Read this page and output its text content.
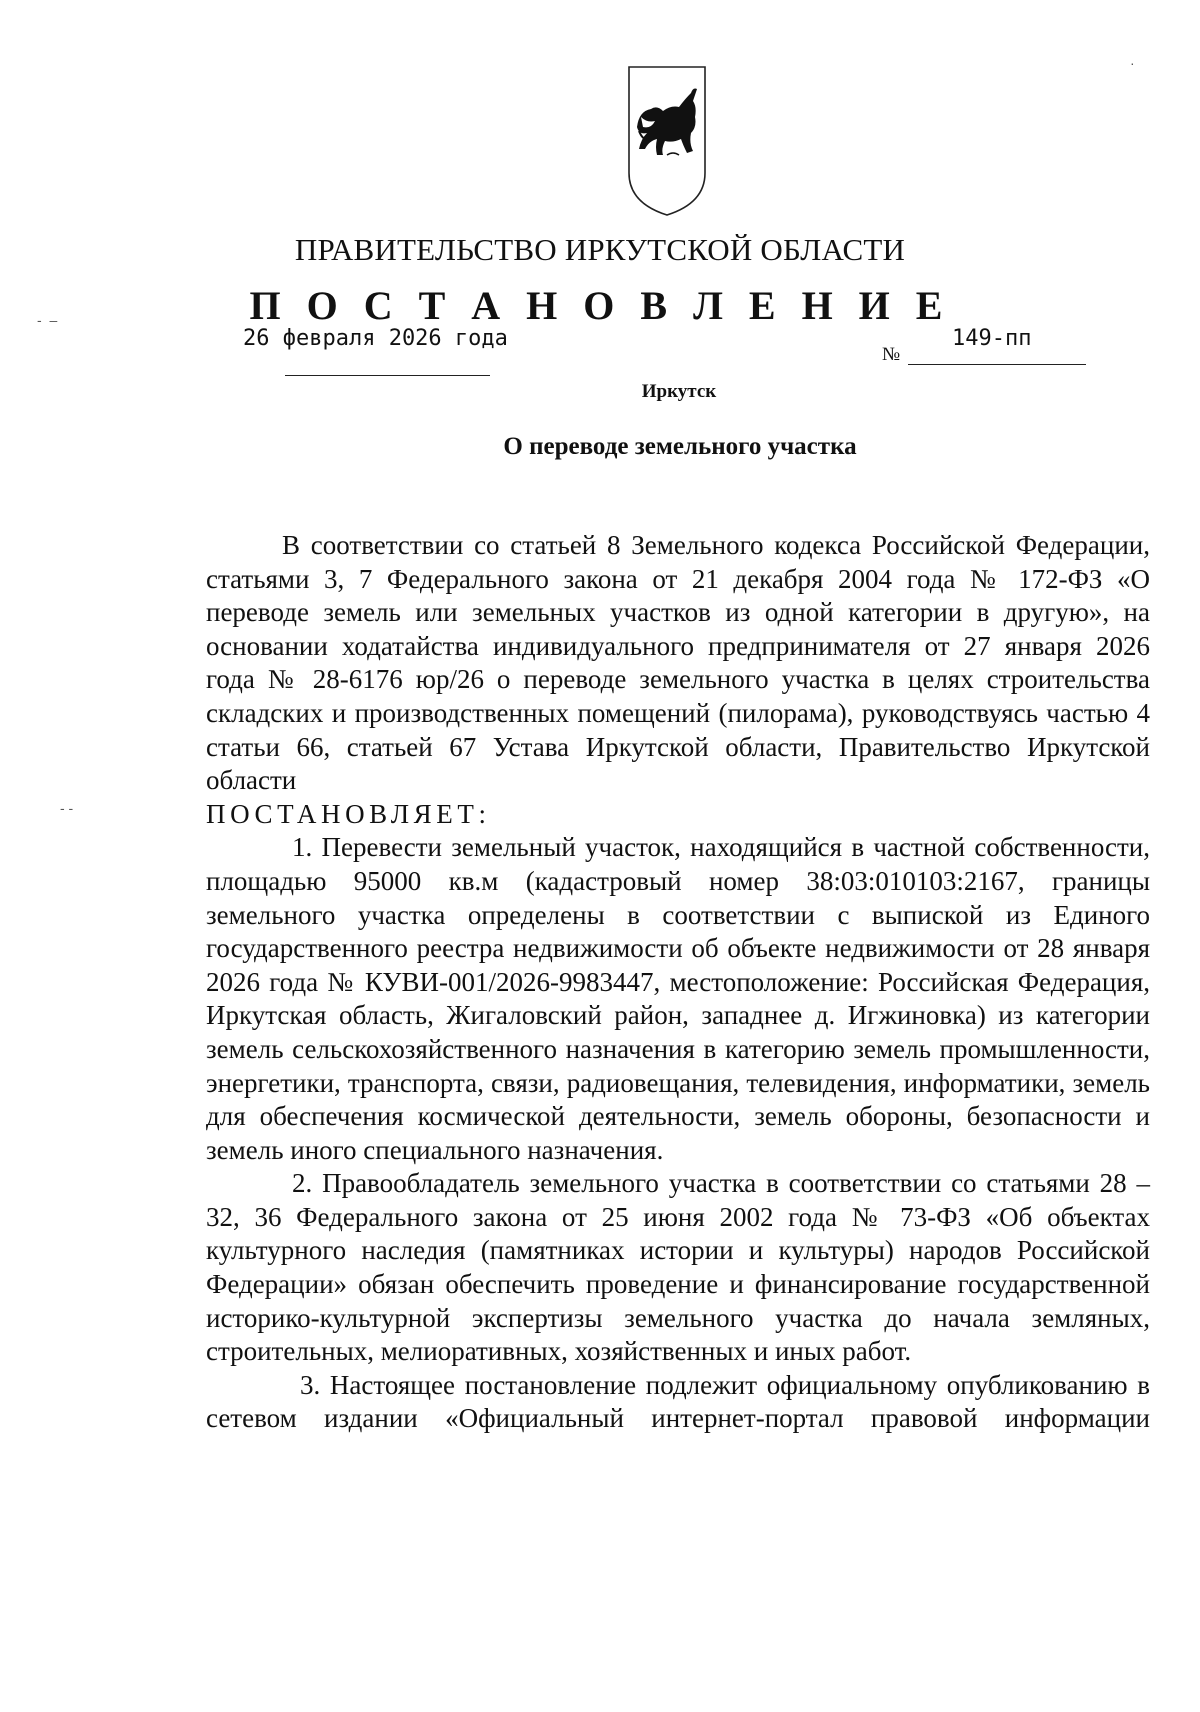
ПРАВИТЕЛЬСТВО ИРКУТСКОЙ ОБЛАСТИ
П О С Т А Н О В Л Е Н И Е
26 февраля 2026 года
№
149-пп
Иркутск
О переводе земельного участка

В соответствии со статьей 8 Земельного кодекса Российской Федерации, статьями 3, 7 Федерального закона от 21 декабря 2004 года № 172-ФЗ «О переводе земель или земельных участков из одной категории в другую», на основании ходатайства индивидуального предпринимателя от 27 января 2026 года № 28-6176 юр/26 о переводе земельного участка в целях строительства складских и производственных помещений (пилорама), руководствуясь частью 4 статьи 66, статьей 67 Устава Иркутской области, Правительство Иркутской области

ПОСТАНОВЛЯЕТ:

1. Перевести земельный участок, находящийся в частной собственности, площадью 95000 кв.м (кадастровый номер 38:03:010103:2167, границы земельного участка определены в соответствии с выпиской из Единого государственного реестра недвижимости об объекте недвижимости от 28 января 2026 года № КУВИ-001/2026-9983447, местоположение: Российская Федерация, Иркутская область, Жигаловский район, западнее д. Игжиновка) из категории земель сельскохозяйственного назначения в категорию земель промышленности, энергетики, транспорта, связи, радиовещания, телевидения, информатики, земель для обеспечения космической деятельности, земель обороны, безопасности и земель иного специального назначения.

2. Правообладатель земельного участка в соответствии со статьями 28 – 32, 36 Федерального закона от 25 июня 2002 года № 73-ФЗ «Об объектах культурного наследия (памятниках истории и культуры) народов Российской Федерации» обязан обеспечить проведение и финансирование государственной историко-культурной экспертизы земельного участка до начала земляных, строительных, мелиоративных, хозяйственных и иных работ.

3. Настоящее постановление подлежит официальному опубликованию в сетевом издании «Официальный интернет-портал правовой информации

-  –
- -
·
